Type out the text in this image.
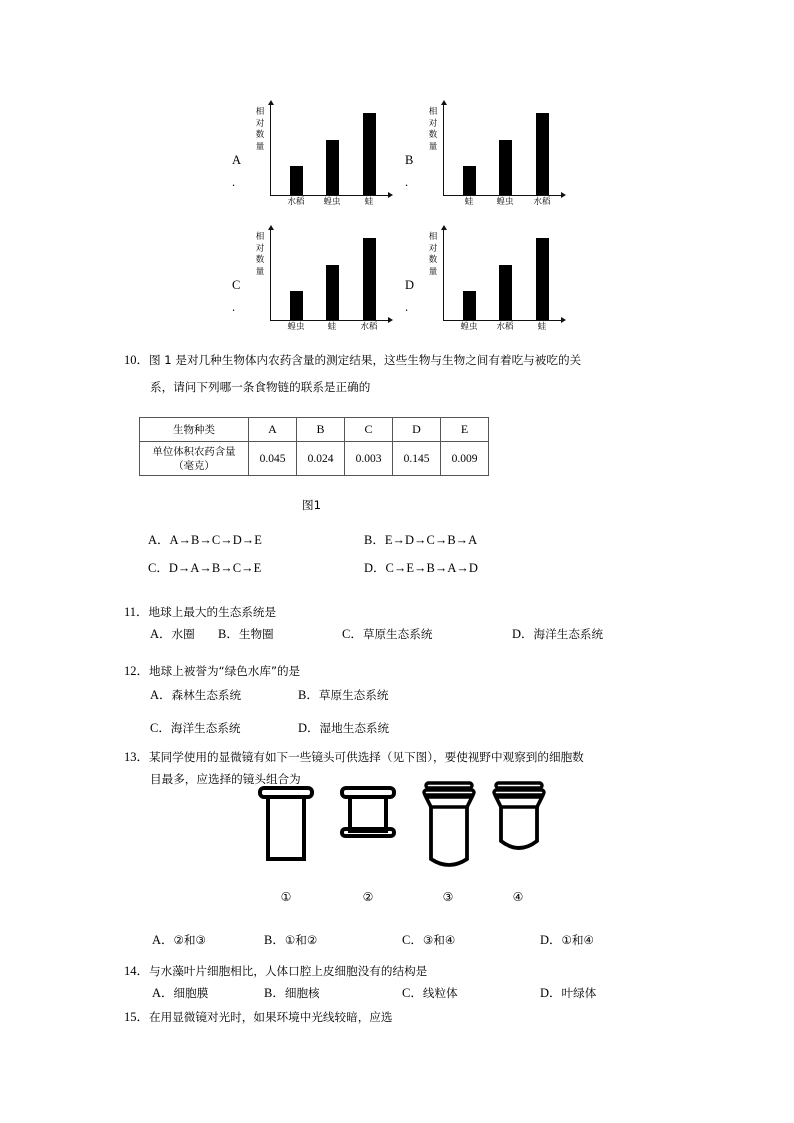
A
.
相对数量
水稻	蝗虫	蛙
B
.
相对数量
蛙	蝗虫	水稻
C
.
相对数量
蝗虫	蛙	水稻
D
.
相对数量
蝗虫	水稻	蛙
10．图 1 是对几种生物体内农药含量的测定结果，这些生物与生物之间有着吃与被吃的关
系，请问下列哪一条食物链的联系是正确的
生物种类	A	B	C	D	E

单位体积农药含量
（毫克）	0.045	0.024	0.003	0.145	0.009
图1
A．A→B→C→D→E	B．E→D→C→B→A
C．D→A→B→C→E	D．C→E→B→A→D
11．地球上最大的生态系统是
A．水圈 B．生物圈	C．草原生态系统	D．海洋生态系统
12．地球上被誉为“绿色水库”的是
A．森林生态系统	B．草原生态系统
C．海洋生态系统	D．湿地生态系统
13．某同学使用的显微镜有如下一些镜头可供选择（见下图），要使视野中观察到的细胞数
目最多，应选择的镜头组合为
①	②	③	④
A．②和③	B．①和②	C．③和④	D．①和④
14．与水藻叶片细胞相比，人体口腔上皮细胞没有的结构是
A．细胞膜	B．细胞核	C．线粒体	D．叶绿体
15．在用显微镜对光时，如果环境中光线较暗，应选
